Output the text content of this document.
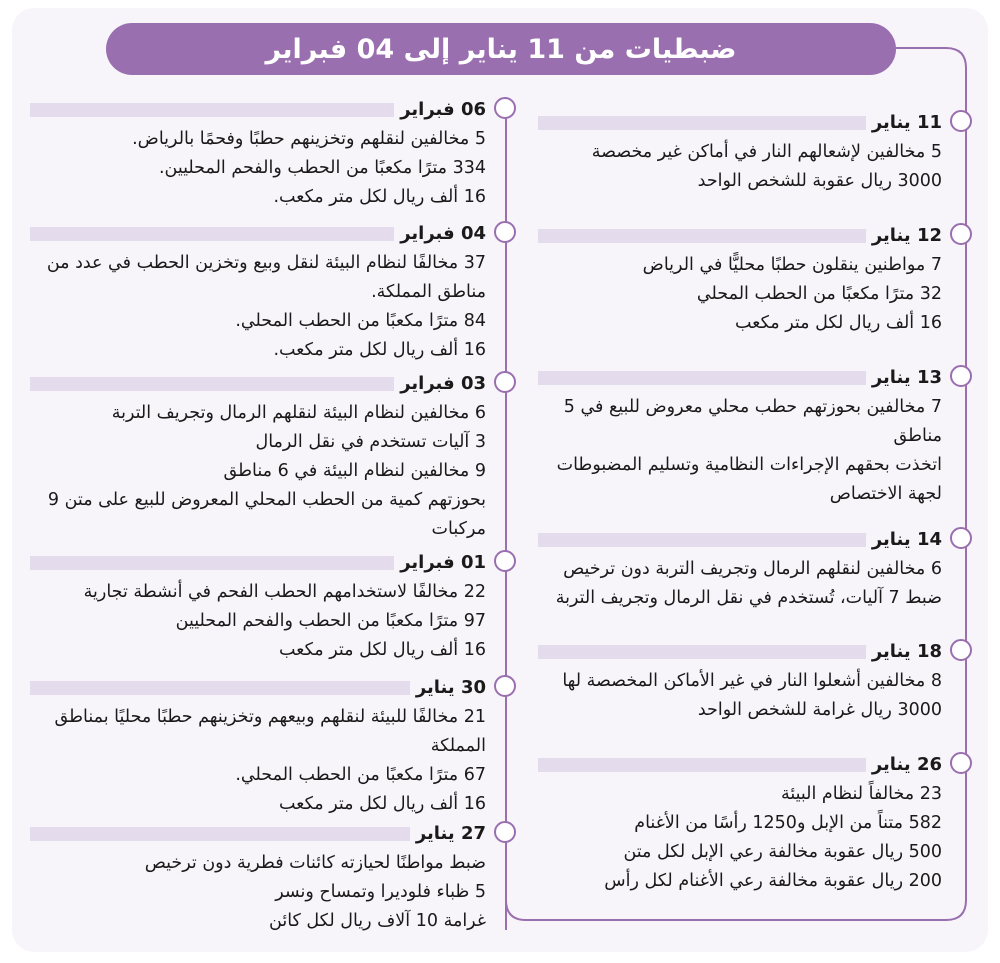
ضبطيات من 11 يناير إلى 04 فبراير
11 يناير
5 مخالفين لإشعالهم النار في أماكن غير مخصصة
3000 ريال عقوبة للشخص الواحد
12 يناير
7 مواطنين ينقلون حطبًا محليًّا في الرياض
32 مترًا مكعبًا من الحطب المحلي
16 ألف ريال لكل متر مكعب
13 يناير
7 مخالفين بحوزتهم حطب محلي معروض للبيع في 5 مناطق
اتخذت بحقهم الإجراءات النظامية وتسليم المضبوطات لجهة الاختصاص
14 يناير
6 مخالفين لنقلهم الرمال وتجريف التربة دون ترخيص
ضبط 7 آليات، تُستخدم في نقل الرمال وتجريف التربة
18 يناير
8 مخالفين أشعلوا النار في غير الأماكن المخصصة لها
3000 ريال غرامة للشخص الواحد
26 يناير
23 مخالفاً لنظام البيئة
582 متناً من الإبل و1250 رأسًا من الأغنام
500 ريال عقوبة مخالفة رعي الإبل لكل متن
200 ريال عقوبة مخالفة رعي الأغنام لكل رأس
06 فبراير
5 مخالفين لنقلهم وتخزينهم حطبًا وفحمًا بالرياض.
334 مترًا مكعبًا من الحطب والفحم المحليين.
16 ألف ريال لكل متر مكعب.
04 فبراير
37 مخالفًا لنظام البيئة لنقل وبيع وتخزين الحطب في عدد من مناطق المملكة.
84 مترًا مكعبًا من الحطب المحلي.
16 ألف ريال لكل متر مكعب.
03 فبراير
6 مخالفين لنظام البيئة لنقلهم الرمال وتجريف التربة
3 آليات تستخدم في نقل الرمال
9 مخالفين لنظام البيئة في 6 مناطق
بحوزتهم كمية من الحطب المحلي المعروض للبيع على متن 9 مركبات
01 فبراير
22 مخالفًا لاستخدامهم الحطب الفحم في أنشطة تجارية
97 مترًا مكعبًا من الحطب والفحم المحليين
16 ألف ريال لكل متر مكعب
30 يناير
21 مخالفًا للبيئة لنقلهم وبيعهم وتخزينهم حطبًا محليًا بمناطق المملكة
67 مترًا مكعبًا من الحطب المحلي.
16 ألف ريال لكل متر مكعب
27 يناير
ضبط مواطنًا لحيازته كائنات فطرية دون ترخيص
5 ظباء فلوديرا وتمساح ونسر
غرامة 10 آلاف ريال لكل كائن
